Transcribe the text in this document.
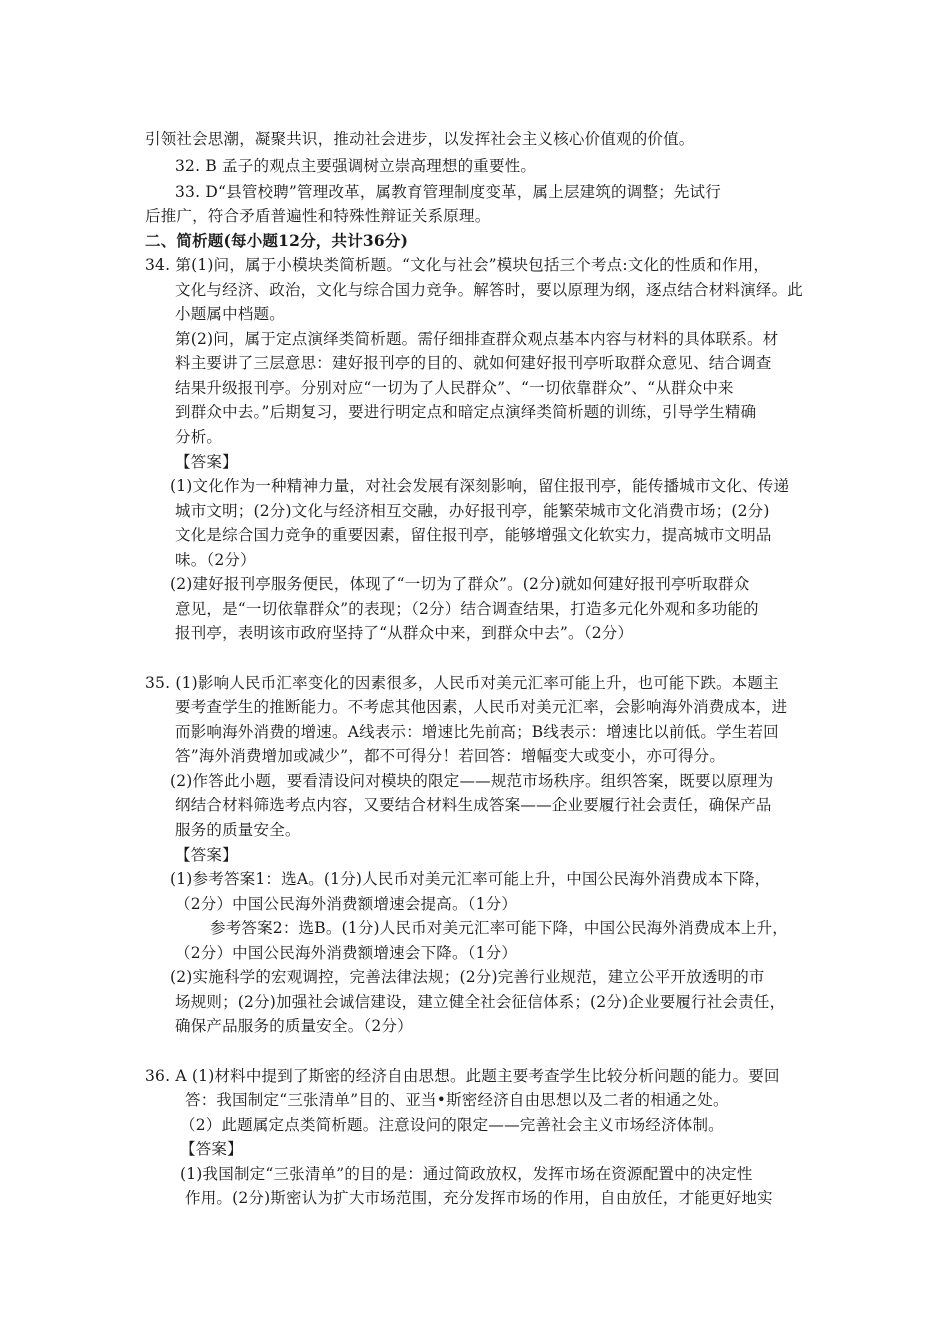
引领社会思潮，凝聚共识，推动社会进步，以发挥社会主义核心价值观的价值。
32. B 孟子的观点主要强调树立崇高理想的重要性。
33. D“县管校聘”管理改革，属教育管理制度变革，属上层建筑的调整；先试行
后推广，符合矛盾普遍性和特殊性辩证关系原理。
二、简析题(每小题12分，共计36分)
34. 第(1)问，属于小模块类简析题。“文化与社会”模块包括三个考点:文化的性质和作用，
文化与经济、政治，文化与综合国力竞争。解答时，要以原理为纲，逐点结合材料演绎。此
小题属中档题。
第(2)问，属于定点演绎类简析题。需仔细排查群众观点基本内容与材料的具体联系。材
料主要讲了三层意思：建好报刊亭的目的、就如何建好报刊亭听取群众意见、结合调查
结果升级报刊亭。分别对应“一切为了人民群众”、“一切依靠群众”、“从群众中来
到群众中去。”后期复习，要进行明定点和暗定点演绎类简析题的训练，引导学生精确
分析。
【答案】
(1)文化作为一种精神力量，对社会发展有深刻影响，留住报刊亭，能传播城市文化、传递
城市文明；(2分)文化与经济相互交融，办好报刊亭，能繁荣城市文化消费市场；(2分)
文化是综合国力竞争的重要因素，留住报刊亭，能够增强文化软实力，提高城市文明品
味。（2分）
(2)建好报刊亭服务便民，体现了“一切为了群众”。(2分)就如何建好报刊亭听取群众
意见，是“一切依靠群众”的表现；（2分）结合调查结果，打造多元化外观和多功能的
报刊亭，表明该市政府坚持了“从群众中来，到群众中去”。（2分）
35. (1)影响人民币汇率变化的因素很多，人民币对美元汇率可能上升，也可能下跌。本题主
要考查学生的推断能力。不考虑其他因素，人民币对美元汇率，会影响海外消费成本，进
而影响海外消费的增速。A线表示：增速比先前高；B线表示：增速比以前低。学生若回
答”海外消费增加或减少”，都不可得分！若回答：增幅变大或变小，亦可得分。
(2)作答此小题，要看清设问对模块的限定——规范市场秩序。组织答案，既要以原理为
纲结合材料筛选考点内容，又要结合材料生成答案——企业要履行社会责任，确保产品
服务的质量安全。
【答案】
(1)参考答案1：选A。(1分)人民币对美元汇率可能上升，中国公民海外消费成本下降，
（2分）中国公民海外消费额增速会提高。（1分）
参考答案2：选B。(1分)人民币对美元汇率可能下降，中国公民海外消费成本上升，
（2分）中国公民海外消费额增速会下降。（1分）
(2)实施科学的宏观调控，完善法律法规；(2分)完善行业规范，建立公平开放透明的市
场规则；(2分)加强社会诚信建设，建立健全社会征信体系；(2分)企业要履行社会责任，
确保产品服务的质量安全。（2分）
36. A (1)材料中提到了斯密的经济自由思想。此题主要考查学生比较分析问题的能力。要回
答：我国制定“三张清单”目的、亚当•斯密经济自由思想以及二者的相通之处。
（2）此题属定点类简析题。注意设问的限定——完善社会主义市场经济体制。
【答案】
(1)我国制定“三张清单”的目的是：通过简政放权，发挥市场在资源配置中的决定性
作用。(2分)斯密认为扩大市场范围，充分发挥市场的作用，自由放任，才能更好地实
